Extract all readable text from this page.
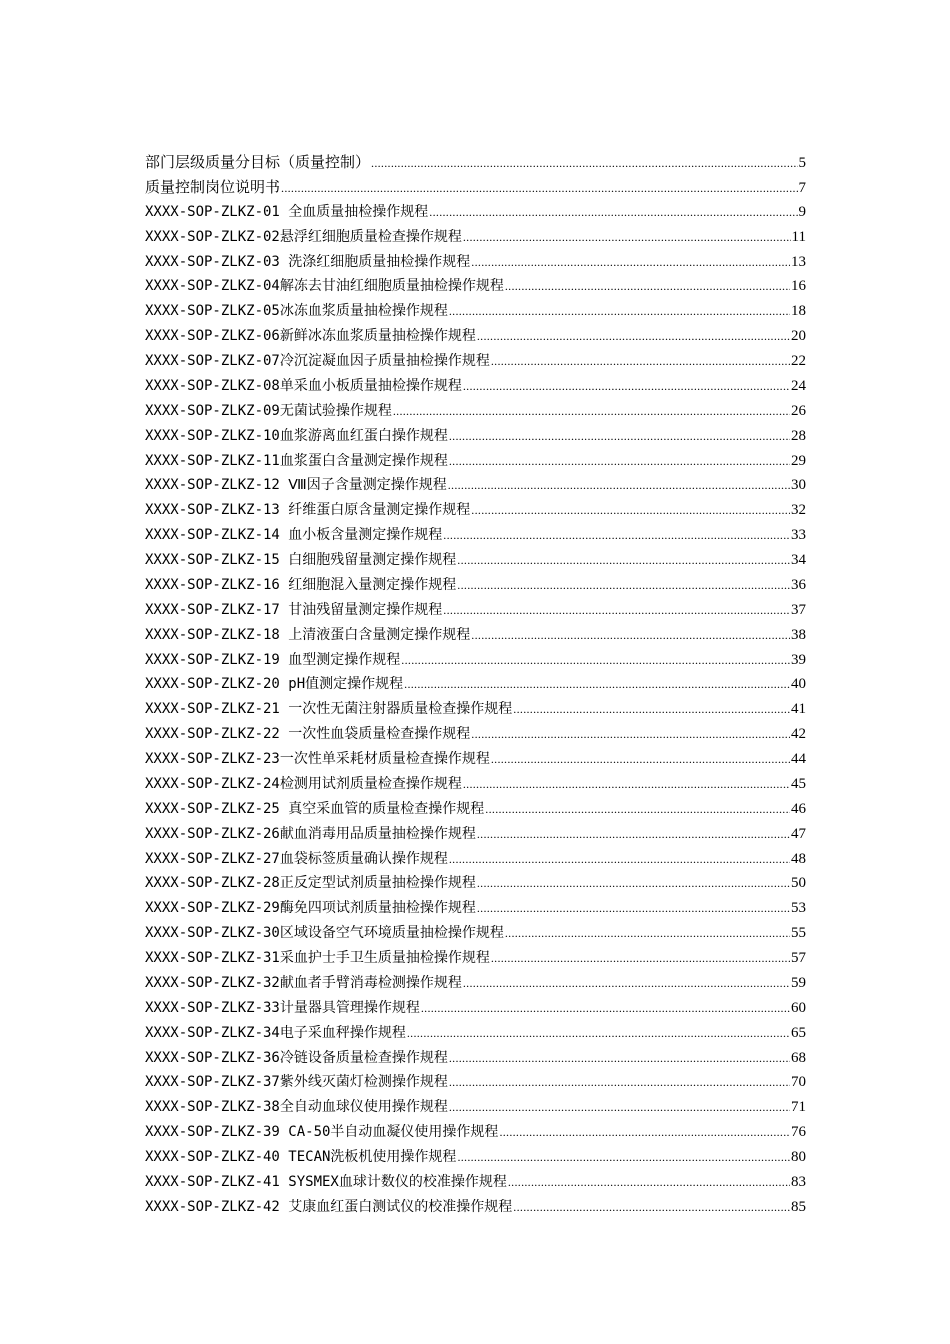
部门层级质量分目标（质量控制） .....	5
质量控制岗位说明书 .....	7
XXXX-SOP-ZLKZ-01 全血质量抽检操作规程 .....	9
XXXX-SOP-ZLKZ-02悬浮红细胞质量检查操作规程 .....	11
XXXX-SOP-ZLKZ-03 洗涤红细胞质量抽检操作规程 .....	13
XXXX-SOP-ZLKZ-04解冻去甘油红细胞质量抽检操作规程 .....	16
XXXX-SOP-ZLKZ-05冰冻血浆质量抽检操作规程 .....	18
XXXX-SOP-ZLKZ-06新鲜冰冻血浆质量抽检操作规程 .....	20
XXXX-SOP-ZLKZ-07冷沉淀凝血因子质量抽检操作规程 .....	22
XXXX-SOP-ZLKZ-08单采血小板质量抽检操作规程 .....	24
XXXX-SOP-ZLKZ-09无菌试验操作规程 .....	26
XXXX-SOP-ZLKZ-10血浆游离血红蛋白操作规程 .....	28
XXXX-SOP-ZLKZ-11血浆蛋白含量测定操作规程 .....	29
XXXX-SOP-ZLKZ-12 Ⅷ因子含量测定操作规程 .....	30
XXXX-SOP-ZLKZ-13 纤维蛋白原含量测定操作规程 .....	32
XXXX-SOP-ZLKZ-14 血小板含量测定操作规程 .....	33
XXXX-SOP-ZLKZ-15 白细胞残留量测定操作规程 .....	34
XXXX-SOP-ZLKZ-16 红细胞混入量测定操作规程 .....	36
XXXX-SOP-ZLKZ-17 甘油残留量测定操作规程 .....	37
XXXX-SOP-ZLKZ-18 上清液蛋白含量测定操作规程 .....	38
XXXX-SOP-ZLKZ-19 血型测定操作规程 .....	39
XXXX-SOP-ZLKZ-20 pH值测定操作规程 .....	40
XXXX-SOP-ZLKZ-21 一次性无菌注射器质量检查操作规程 .....	41
XXXX-SOP-ZLKZ-22 一次性血袋质量检查操作规程 .....	42
XXXX-SOP-ZLKZ-23一次性单采耗材质量检查操作规程 .....	44
XXXX-SOP-ZLKZ-24检测用试剂质量检查操作规程 .....	45
XXXX-SOP-ZLKZ-25 真空采血管的质量检查操作规程 .....	46
XXXX-SOP-ZLKZ-26献血消毒用品质量抽检操作规程 .....	47
XXXX-SOP-ZLKZ-27血袋标签质量确认操作规程 .....	48
XXXX-SOP-ZLKZ-28正反定型试剂质量抽检操作规程 .....	50
XXXX-SOP-ZLKZ-29酶免四项试剂质量抽检操作规程 .....	53
XXXX-SOP-ZLKZ-30区域设备空气环境质量抽检操作规程 .....	55
XXXX-SOP-ZLKZ-31采血护士手卫生质量抽检操作规程 .....	57
XXXX-SOP-ZLKZ-32献血者手臂消毒检测操作规程 .....	59
XXXX-SOP-ZLKZ-33计量器具管理操作规程 .....	60
XXXX-SOP-ZLKZ-34电子采血秤操作规程 .....	65
XXXX-SOP-ZLKZ-36冷链设备质量检查操作规程 .....	68
XXXX-SOP-ZLKZ-37紫外线灭菌灯检测操作规程 .....	70
XXXX-SOP-ZLKZ-38全自动血球仪使用操作规程 .....	71
XXXX-SOP-ZLKZ-39 CA-50半自动血凝仪使用操作规程 .....	76
XXXX-SOP-ZLKZ-40 TECAN洗板机使用操作规程 .....	80
XXXX-SOP-ZLKZ-41 SYSMEX血球计数仪的校准操作规程 .....	83
XXXX-SOP-ZLKZ-42 艾康血红蛋白测试仪的校准操作规程 .....	85
